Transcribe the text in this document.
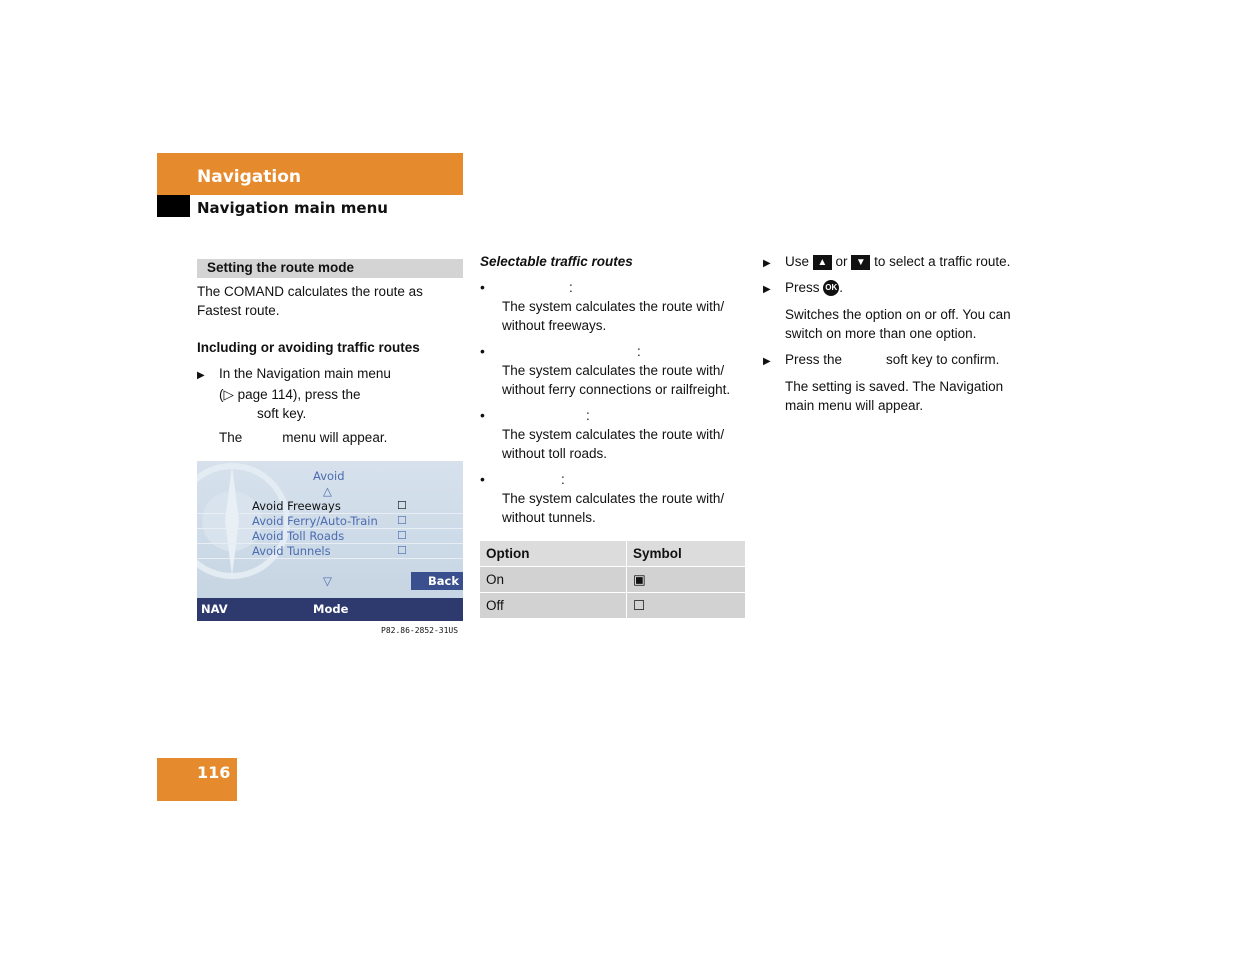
Navigation
Navigation main menu
Setting the route mode
The COMAND calculates the route as
Fastest route.
Including or avoiding traffic routes
▶ In the Navigation main menu
(▷ page 114), press the
soft key.
The	menu will appear.
Avoid
△
Avoid Freeways	☐
Avoid Ferry/Auto-Train ☐
Avoid Toll Roads	☐
Avoid Tunnels	☐
▽	Back
NAV	Mode
P82.86-2852-31US
Selectable traffic routes
•	:
The system calculates the route with/
without freeways.
•	:
The system calculates the route with/
without ferry connections or railfreight.
•	:
The system calculates the route with/
without toll roads.
•	:
The system calculates the route with/
without tunnels.
Option	Symbol
On	▣
Off	☐
▶ Use ▲ or ▼ to select a traffic route.
▶ Press OK .
Switches the option on or off. You can
switch on more than one option.
▶ Press the	soft key to confirm.
The setting is saved. The Navigation
main menu will appear.
116
